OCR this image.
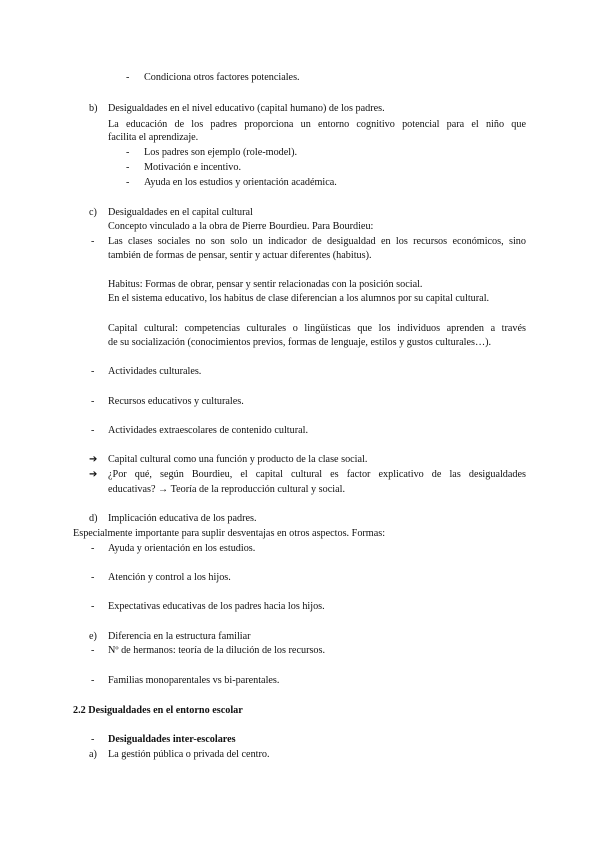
- Condiciona otros factores potenciales.
b) Desigualdades en el nivel educativo (capital humano) de los padres.
La educación de los padres proporciona un entorno cognitivo potencial para el niño que
facilita el aprendizaje.
- Los padres son ejemplo (role-model).
- Motivación e incentivo.
- Ayuda en los estudios y orientación académica.
c) Desigualdades en el capital cultural
Concepto vinculado a la obra de Pierre Bourdieu. Para Bourdieu:
- Las clases sociales no son solo un indicador de desigualdad en los recursos económicos, sino
también de formas de pensar, sentir y actuar diferentes (habitus).
Habitus: Formas de obrar, pensar y sentir relacionadas con la posición social.
En el sistema educativo, los habitus de clase diferencian a los alumnos por su capital cultural.
Capital cultural: competencias culturales o lingüísticas que los individuos aprenden a través
de su socialización (conocimientos previos, formas de lenguaje, estilos y gustos culturales…).
- Actividades culturales.
- Recursos educativos y culturales.
- Actividades extraescolares de contenido cultural.
➔ Capital cultural como una función y producto de la clase social.
➔ ¿Por qué, según Bourdieu, el capital cultural es factor explicativo de las desigualdades
educativas? → Teoría de la reproducción cultural y social.
d) Implicación educativa de los padres.
Especialmente importante para suplir desventajas en otros aspectos. Formas:
- Ayuda y orientación en los estudios.
- Atención y control a los hijos.
- Expectativas educativas de los padres hacia los hijos.
e) Diferencia en la estructura familiar
- Nº de hermanos: teoría de la dilución de los recursos.
- Familias monoparentales vs bi-parentales.
2.2 Desigualdades en el entorno escolar
- Desigualdades inter-escolares
a) La gestión pública o privada del centro.
